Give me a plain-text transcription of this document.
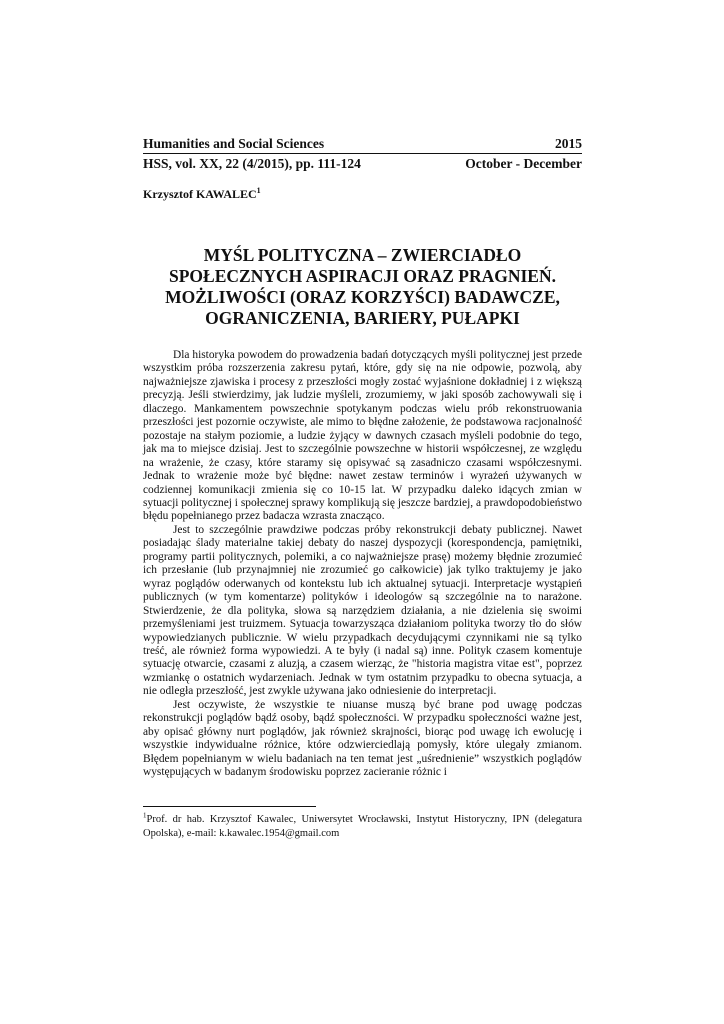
Humanities and Social Sciences	2015
HSS, vol. XX, 22 (4/2015), pp. 111-124	October - December
Krzysztof KAWALEC$^1$
MYŚL POLITYCZNA – ZWIERCIADŁO
SPOŁECZNYCH ASPIRACJI ORAZ PRAGNIEŃ.
MOŻLIWOŚCI (ORAZ KORZYŚCI) BADAWCZE,
OGRANICZENIA, BARIERY, PUŁAPKI

Dla historyka powodem do prowadzenia badań dotyczących myśli politycznej jest przede wszystkim próba rozszerzenia zakresu pytań, które, gdy się na nie odpowie, pozwolą, aby najważniejsze zjawiska i procesy z przeszłości mogły zostać wyjaśnione dokładniej i z większą precyzją. Jeśli stwierdzimy, jak ludzie myśleli, zrozumiemy, w jaki sposób zachowywali się i dlaczego. Mankamentem powszechnie spotykanym podczas wielu prób rekonstruowania przeszłości jest pozornie oczywiste, ale mimo to błędne założenie, że podstawowa racjonalność pozostaje na stałym poziomie, a ludzie żyjący w dawnych czasach myśleli podobnie do tego, jak ma to miejsce dzisiaj. Jest to szczególnie powszechne w historii współczesnej, ze względu na wrażenie, że czasy, które staramy się opisywać są zasadniczo czasami współczesnymi. Jednak to wrażenie może być błędne: nawet zestaw terminów i wyrażeń używanych w codziennej komunikacji zmienia się co 10-15 lat. W przypadku daleko idących zmian w sytuacji politycznej i społecznej sprawy komplikują się jeszcze bardziej, a prawdopodobieństwo błędu popełnianego przez badacza wzrasta znacząco.

Jest to szczególnie prawdziwe podczas próby rekonstrukcji debaty publicznej. Nawet posiadając ślady materialne takiej debaty do naszej dyspozycji (korespondencja, pamiętniki, programy partii politycznych, polemiki, a co najważniejsze prasę) możemy błędnie zrozumieć ich przesłanie (lub przynajmniej nie zrozumieć go całkowicie) jak tylko traktujemy je jako wyraz poglądów oderwanych od kontekstu lub ich aktualnej sytuacji. Interpretacje wystąpień publicznych (w tym komentarze) polityków i ideologów są szczególnie na to narażone. Stwierdzenie, że dla polityka, słowa są narzędziem działania, a nie dzielenia się swoimi przemyśleniami jest truizmem. Sytuacja towarzysząca działaniom polityka tworzy tło do słów wypowiedzianych publicznie. W wielu przypadkach decydującymi czynnikami nie są tylko treść, ale również forma wypowiedzi. A te były (i nadal są) inne. Polityk czasem komentuje sytuację otwarcie, czasami z aluzją, a czasem wierząc, że "historia magistra vitae est", poprzez wzmiankę o ostatnich wydarzeniach. Jednak w tym ostatnim przypadku to obecna sytuacja, a nie odległa przeszłość, jest zwykle używana jako odniesienie do interpretacji.

Jest oczywiste, że wszystkie te niuanse muszą być brane pod uwagę podczas rekonstrukcji poglądów bądź osoby, bądź społeczności. W przypadku społeczności ważne jest, aby opisać główny nurt poglądów, jak również skrajności, biorąc pod uwagę ich ewolucję i wszystkie indywidualne różnice, które odzwierciedlają pomysły, które ulegały zmianom. Błędem popełnianym w wielu badaniach na ten temat jest „uśrednienie” wszystkich poglądów występujących w badanym środowisku poprzez zacieranie różnic i

$^1$Prof. dr hab. Krzysztof Kawalec, Uniwersytet Wrocławski, Instytut Historyczny, IPN (delegatura Opolska), e-mail: k.kawalec.1954@gmail.com
